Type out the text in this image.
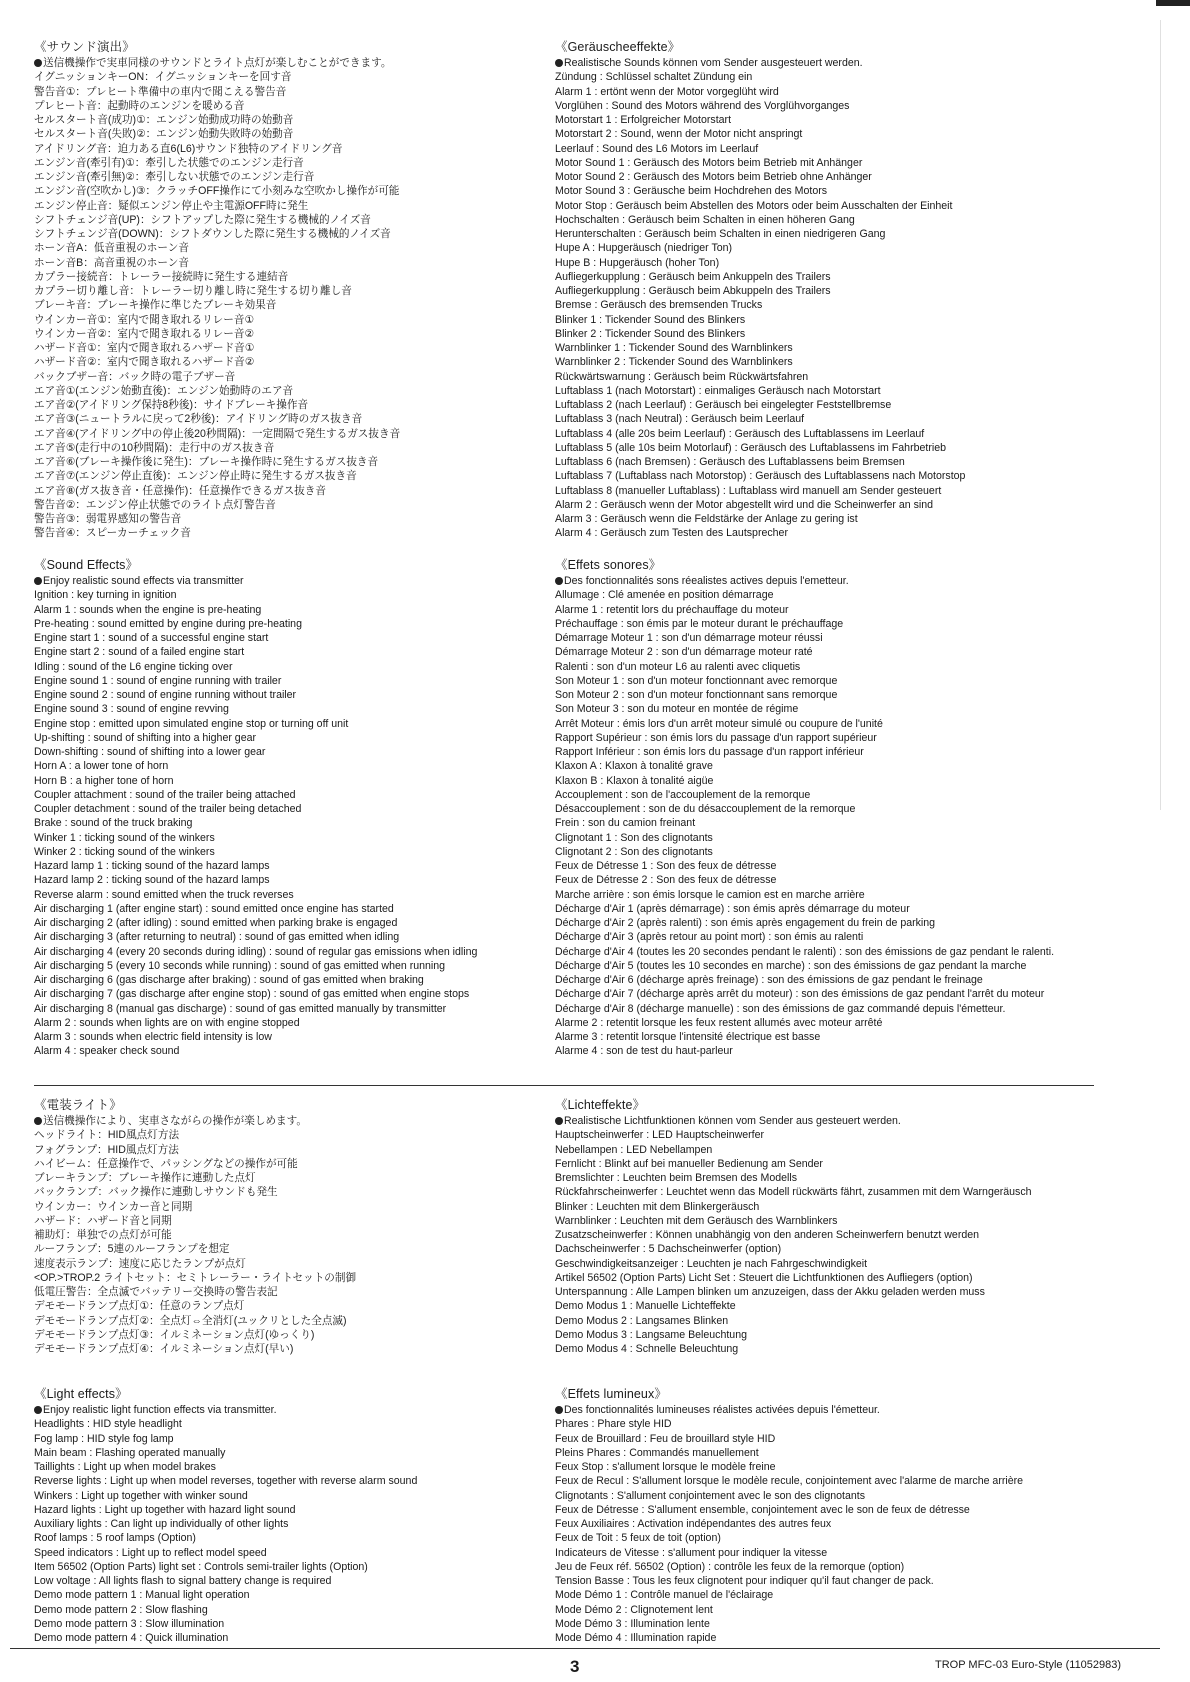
《サウンド演出》
送信機操作で実車同様のサウンドとライト点灯が楽しむことができます。
イグニッションキーON：イグニッションキーを回す音
警告音①：プレヒート準備中の車内で聞こえる警告音
プレヒート音：起動時のエンジンを暖める音
セルスタート音(成功)①：エンジン始動成功時の始動音
セルスタート音(失敗)②：エンジン始動失敗時の始動音
アイドリング音：迫力ある直6(L6)サウンド独特のアイドリング音
エンジン音(牽引有)①：牽引した状態でのエンジン走行音
エンジン音(牽引無)②：牽引しない状態でのエンジン走行音
エンジン音(空吹かし)③：クラッチOFF操作にて小刻みな空吹かし操作が可能
エンジン停止音：疑似エンジン停止や主電源OFF時に発生
シフトチェンジ音(UP)：シフトアップした際に発生する機械的ノイズ音
シフトチェンジ音(DOWN)：シフトダウンした際に発生する機械的ノイズ音
ホーン音A：低音重視のホーン音
ホーン音B：高音重視のホーン音
カプラー接続音：トレーラー接続時に発生する連結音
カプラー切り離し音：トレーラー切り離し時に発生する切り離し音
ブレーキ音：ブレーキ操作に準じたブレーキ効果音
ウインカー音①：室内で聞き取れるリレー音①
ウインカー音②：室内で聞き取れるリレー音②
ハザード音①：室内で聞き取れるハザード音①
ハザード音②：室内で聞き取れるハザード音②
バックブザー音：バック時の電子ブザー音
エア音①(エンジン始動直後)：エンジン始動時のエア音
エア音②(アイドリング保持8秒後)：サイドブレーキ操作音
エア音③(ニュートラルに戻って2秒後)：アイドリング時のガス抜き音
エア音④(アイドリング中の停止後20秒間隔)：一定間隔で発生するガス抜き音
エア音⑤(走行中の10秒間隔)：走行中のガス抜き音
エア音⑥(ブレーキ操作後に発生)：ブレーキ操作時に発生するガス抜き音
エア音⑦(エンジン停止直後)：エンジン停止時に発生するガス抜き音
エア音⑧(ガス抜き音・任意操作)：任意操作できるガス抜き音
警告音②：エンジン停止状態でのライト点灯警告音
警告音③：弱電界感知の警告音
警告音④：スピーカーチェック音
《Sound Effects》
Enjoy realistic sound effects via transmitter
Ignition : key turning in ignition
Alarm 1 : sounds when the engine is pre-heating
Pre-heating : sound emitted by engine during pre-heating
Engine start 1 : sound of a successful engine start
Engine start 2 : sound of a failed engine start
Idling : sound of the L6 engine ticking over
Engine sound 1 : sound of engine running with trailer
Engine sound 2 : sound of engine running without trailer
Engine sound 3 : sound of engine revving
Engine stop : emitted upon simulated engine stop or turning off unit
Up-shifting : sound of shifting into a higher gear
Down-shifting : sound of shifting into a lower gear
Horn A : a lower tone of horn
Horn B : a higher tone of horn
Coupler attachment : sound of the trailer being attached
Coupler detachment : sound of the trailer being detached
Brake : sound of the truck braking
Winker 1 : ticking sound of the winkers
Winker 2 : ticking sound of the winkers
Hazard lamp 1 : ticking sound of the hazard lamps
Hazard lamp 2 : ticking sound of the hazard lamps
Reverse alarm : sound emitted when the truck reverses
Air discharging 1 (after engine start) : sound emitted once engine has started
Air discharging 2 (after idling) : sound emitted when parking brake is engaged
Air discharging 3 (after returning to neutral) : sound of gas emitted when idling
Air discharging 4 (every 20 seconds during idling) : sound of regular gas emissions when idling
Air discharging 5 (every 10 seconds while running) : sound of gas emitted when running
Air discharging 6 (gas discharge after braking) : sound of gas emitted when braking
Air discharging 7 (gas discharge after engine stop) : sound of gas emitted when engine stops
Air discharging 8 (manual gas discharge) : sound of gas emitted manually by transmitter
Alarm 2 : sounds when lights are on with engine stopped
Alarm 3 : sounds when electric field intensity is low
Alarm 4 : speaker check sound
《電装ライト》
送信機操作により、実車さながらの操作が楽しめます。
ヘッドライト：HID風点灯方法
フォグランプ：HID風点灯方法
ハイビーム：任意操作で、パッシングなどの操作が可能
ブレーキランプ：ブレーキ操作に連動した点灯
バックランプ：バック操作に連動しサウンドも発生
ウインカー：ウインカー音と同期
ハザード：ハザード音と同期
補助灯：単独での点灯が可能
ルーフランプ：5連のルーフランプを想定
速度表示ランプ：速度に応じたランプが点灯
<OP.>TROP.2 ライトセット：セミトレーラー・ライトセットの制御
低電圧警告：全点滅でバッテリー交換時の警告表記
デモモードランプ点灯①：任意のランプ点灯
デモモードランプ点灯②：全点灯⇔全消灯(ユックリとした全点滅)
デモモードランプ点灯③：イルミネーション点灯(ゆっくり)
デモモードランプ点灯④：イルミネーション点灯(早い)
《Light effects》
Enjoy realistic light function effects via transmitter.
Headlights : HID style headlight
Fog lamp : HID style fog lamp
Main beam : Flashing operated manually
Taillights : Light up when model brakes
Reverse lights : Light up when model reverses, together with reverse alarm sound
Winkers : Light up together with winker sound
Hazard lights : Light up together with hazard light sound
Auxiliary lights : Can light up individually of other lights
Roof lamps : 5 roof lamps (Option)
Speed indicators : Light up to reflect model speed
Item 56502 (Option Parts) light set : Controls semi-trailer lights (Option)
Low voltage : All lights flash to signal battery change is required
Demo mode pattern 1 : Manual light operation
Demo mode pattern 2 : Slow flashing
Demo mode pattern 3 : Slow illumination
Demo mode pattern 4 : Quick illumination
《Geräuscheeffekte》
Realistische Sounds können vom Sender ausgesteuert werden.
Zündung : Schlüssel schaltet Zündung ein
Alarm 1 : ertönt wenn der Motor vorgeglüht wird
Vorglühen : Sound des Motors während des Vorglühvorganges
Motorstart 1 : Erfolgreicher Motorstart
Motorstart 2 : Sound, wenn der Motor nicht anspringt
Leerlauf : Sound des L6 Motors im Leerlauf
Motor Sound 1 : Geräusch des Motors beim Betrieb mit Anhänger
Motor Sound 2 : Geräusch des Motors beim Betrieb ohne Anhänger
Motor Sound 3 : Geräusche beim Hochdrehen des Motors
Motor Stop : Geräusch beim Abstellen des Motors oder beim Ausschalten der Einheit
Hochschalten : Geräusch beim Schalten in einen höheren Gang
Herunterschalten : Geräusch beim Schalten in einen niedrigeren Gang
Hupe A : Hupgeräusch (niedriger Ton)
Hupe B : Hupgeräusch (hoher Ton)
Aufliegerkupplung : Geräusch beim Ankuppeln des Trailers
Aufliegerkupplung : Geräusch beim Abkuppeln des Trailers
Bremse : Geräusch des bremsenden Trucks
Blinker 1 : Tickender Sound des Blinkers
Blinker 2 : Tickender Sound des Blinkers
Warnblinker 1 : Tickender Sound des Warnblinkers
Warnblinker 2 : Tickender Sound des Warnblinkers
Rückwärtswarnung : Geräusch beim Rückwärtsfahren
Luftablass 1 (nach Motorstart) : einmaliges Geräusch nach Motorstart
Luftablass 2 (nach Leerlauf) : Geräusch bei eingelegter Feststellbremse
Luftablass 3 (nach Neutral) : Geräusch beim Leerlauf
Luftablass 4 (alle 20s beim Leerlauf) : Geräusch des Luftablassens im Leerlauf
Luftablass 5 (alle 10s beim Motorlauf) : Geräusch des Luftablassens im Fahrbetrieb
Luftablass 6 (nach Bremsen) : Geräusch des Luftablassens beim Bremsen
Luftablass 7 (Luftablass nach Motorstop) : Geräusch des Luftablassens nach Motorstop
Luftablass 8 (manueller Luftablass) : Luftablass wird manuell am Sender gesteuert
Alarm 2 : Geräusch wenn der Motor abgestellt wird und die Scheinwerfer an sind
Alarm 3 : Geräusch wenn die Feldstärke der Anlage zu gering ist
Alarm 4 : Geräusch zum Testen des Lautsprecher
《Effets sonores》
Des fonctionnalités sons réealistes actives depuis l'emetteur.
Allumage : Clé amenée en position démarrage
Alarme 1 : retentit lors du préchauffage du moteur
Préchauffage : son émis par le moteur durant le préchauffage
Démarrage Moteur 1 : son d'un démarrage moteur réussi
Démarrage Moteur 2 : son d'un démarrage moteur raté
Ralenti : son d'un moteur L6 au ralenti avec cliquetis
Son Moteur 1 : son d'un moteur fonctionnant avec remorque
Son Moteur 2 : son d'un moteur fonctionnant sans remorque
Son Moteur 3 : son du moteur en montée de régime
Arrêt Moteur : émis lors d'un arrêt moteur simulé ou coupure de l'unité
Rapport Supérieur : son émis lors du passage d'un rapport supérieur
Rapport Inférieur : son émis lors du passage d'un rapport inférieur
Klaxon A : Klaxon à tonalité grave
Klaxon B : Klaxon à tonalité aigüe
Accouplement : son de l'accouplement de la remorque
Désaccouplement : son de du désaccouplement de la remorque
Frein : son du camion freinant
Clignotant 1 : Son des clignotants
Clignotant 2 : Son des clignotants
Feux de Détresse 1 : Son des feux de détresse
Feux de Détresse 2 : Son des feux de détresse
Marche arrière : son émis lorsque le camion est en marche arrière
Décharge d'Air 1 (après démarrage) : son émis après démarrage du moteur
Décharge d'Air 2 (après ralenti) : son émis après engagement du frein de parking
Décharge d'Air 3 (après retour au point mort) : son émis au ralenti
Décharge d'Air 4 (toutes les 20 secondes pendant le ralenti) : son des émissions de gaz pendant le ralenti.
Décharge d'Air 5 (toutes les 10 secondes en marche) : son des émissions de gaz pendant la marche
Décharge d'Air 6 (décharge après freinage) : son des émissions de gaz pendant le freinage
Décharge d'Air 7 (décharge après arrêt du moteur) : son des émissions de gaz pendant l'arrêt du moteur
Décharge d'Air 8 (décharge manuelle) : son des émissions de gaz commandé depuis l'émetteur.
Alarme 2 : retentit lorsque les feux restent allumés avec moteur arrêté
Alarme 3 : retentit lorsque l'intensité électrique est basse
Alarme 4 : son de test du haut-parleur
《Lichteffekte》
Realistische Lichtfunktionen können vom Sender aus gesteuert werden.
Hauptscheinwerfer : LED Hauptscheinwerfer
Nebellampen : LED Nebellampen
Fernlicht : Blinkt auf bei manueller Bedienung am Sender
Bremslichter : Leuchten beim Bremsen des Modells
Rückfahrscheinwerfer : Leuchtet wenn das Modell rückwärts fährt, zusammen mit dem Warngeräusch
Blinker : Leuchten mit dem Blinkergeräusch
Warnblinker : Leuchten mit dem Geräusch des Warnblinkers
Zusatzscheinwerfer : Können unabhängig von den anderen Scheinwerfern benutzt werden
Dachscheinwerfer : 5 Dachscheinwerfer (option)
Geschwindigkeitsanzeiger : Leuchten je nach Fahrgeschwindigkeit
Artikel 56502 (Option Parts) Licht Set : Steuert die Lichtfunktionen des Aufliegers (option)
Unterspannung : Alle Lampen blinken um anzuzeigen, dass der Akku geladen werden muss
Demo Modus 1 : Manuelle Lichteffekte
Demo Modus 2 : Langsames Blinken
Demo Modus 3 : Langsame Beleuchtung
Demo Modus 4 : Schnelle Beleuchtung
《Effets lumineux》
Des fonctionnalités lumineuses réalistes activées depuis l'émetteur.
Phares : Phare style HID
Feux de Brouillard : Feu de brouillard style HID
Pleins Phares : Commandés manuellement
Feux Stop : s'allument lorsque le modèle freine
Feux de Recul : S'allument lorsque le modèle recule, conjointement avec l'alarme de marche arrière
Clignotants : S'allument conjointement avec le son des clignotants
Feux de Détresse : S'allument ensemble, conjointement avec le son de feux de détresse
Feux Auxiliaires : Activation indépendantes des autres feux
Feux de Toit : 5 feux de toit (option)
Indicateurs de Vitesse : s'allument pour indiquer la vitesse
Jeu de Feux réf. 56502 (Option) : contrôle les feux de la remorque (option)
Tension Basse : Tous les feux clignotent pour indiquer qu'il faut changer de pack.
Mode Démo 1 : Contrôle manuel de l'éclairage
Mode Démo 2 : Clignotement lent
Mode Démo 3 : Illumination lente
Mode Démo 4 : Illumination rapide
3	TROP MFC-03 Euro-Style (11052983)
